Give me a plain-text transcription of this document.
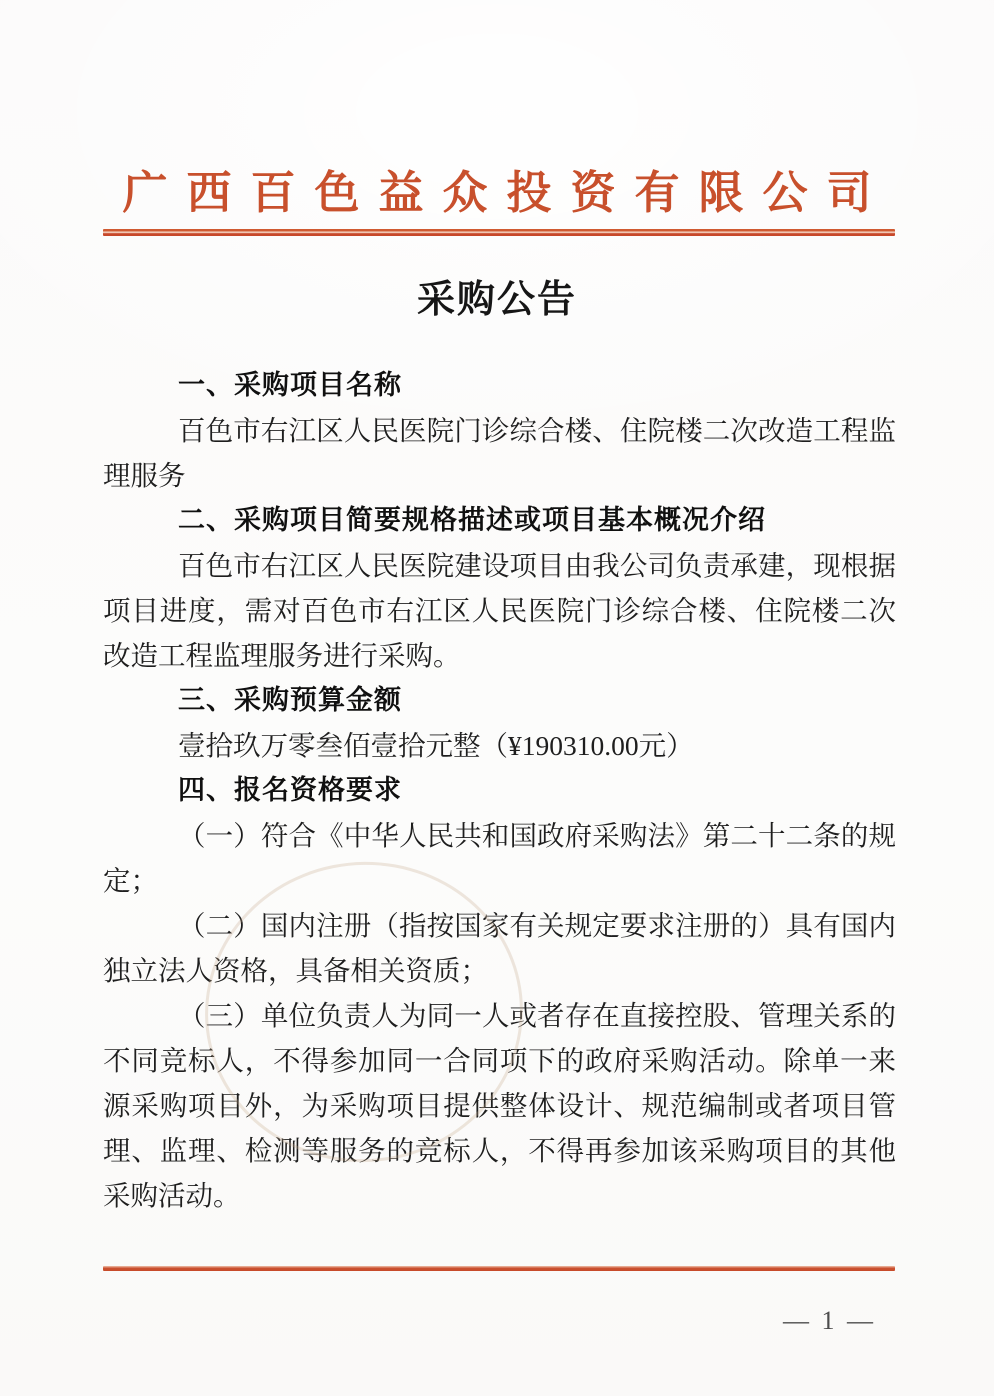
广西百色益众投资有限公司
采购公告
一、采购项目名称

百色市右江区人民医院门诊综合楼、住院楼二次改造工程监理服务

二、采购项目简要规格描述或项目基本概况介绍

百色市右江区人民医院建设项目由我公司负责承建，现根据项目进度，需对百色市右江区人民医院门诊综合楼、住院楼二次改造工程监理服务进行采购。

三、采购预算金额

壹拾玖万零叁佰壹拾元整（¥190310.00元）

四、报名资格要求

（一）符合《中华人民共和国政府采购法》第二十二条的规定；

（二）国内注册（指按国家有关规定要求注册的）具有国内独立法人资格，具备相关资质；

（三）单位负责人为同一人或者存在直接控股、管理关系的不同竞标人，不得参加同一合同项下的政府采购活动。除单一来源采购项目外，为采购项目提供整体设计、规范编制或者项目管理、监理、检测等服务的竞标人，不得再参加该采购项目的其他采购活动。

— 1 —
